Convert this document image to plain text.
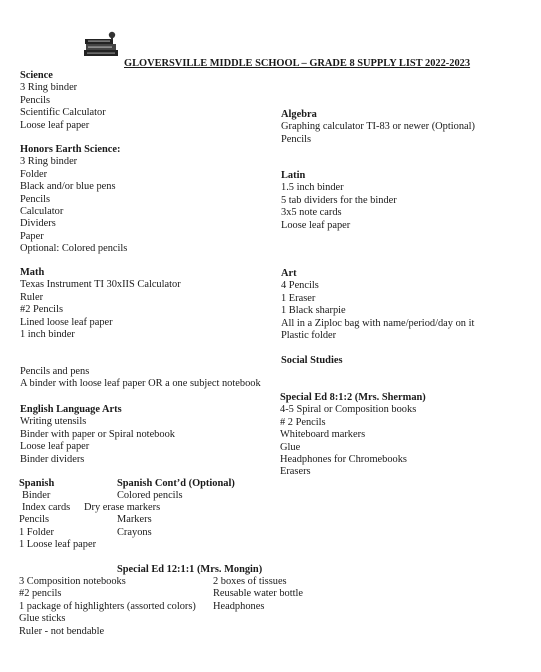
GLOVERSVILLE MIDDLE SCHOOL – GRADE 8 SUPPLY LIST 2022-2023
Science
3 Ring binder
Pencils
Scientific Calculator
Loose leaf paper
Honors Earth Science:
3 Ring binder
Folder
Black and/or blue pens
Pencils
Calculator
Dividers
Paper
Optional: Colored pencils
Math
Texas Instrument TI 30xIIS Calculator
Ruler
#2 Pencils
Lined loose leaf paper
1 inch binder
Pencils and pens
A binder with loose leaf paper OR a one subject notebook
English Language Arts
Writing utensils
Binder with paper or Spiral notebook
Loose leaf paper
Binder dividers
Spanish
Binder
Index cards
Pencils
1 Folder
1 Loose leaf paper
Spanish Cont’d (Optional)
Colored pencils
Dry erase markers
Markers
Crayons
Special Ed 12:1:1 (Mrs. Mongin)
3 Composition notebooks
#2 pencils
1 package of highlighters (assorted colors)
Glue sticks
Ruler - not bendable
2 boxes of tissues
Reusable water bottle
Headphones
Algebra
Graphing calculator TI-83 or newer (Optional)
Pencils
Latin
1.5 inch binder
5 tab dividers for the binder
3x5 note cards
Loose leaf paper
Art
4 Pencils
1 Eraser
1 Black sharpie
All in a Ziploc bag with name/period/day on it
Plastic folder
Social Studies
Special Ed 8:1:2 (Mrs. Sherman)
4-5 Spiral or Composition books
# 2 Pencils
Whiteboard markers
Glue
Headphones for Chromebooks
Erasers
